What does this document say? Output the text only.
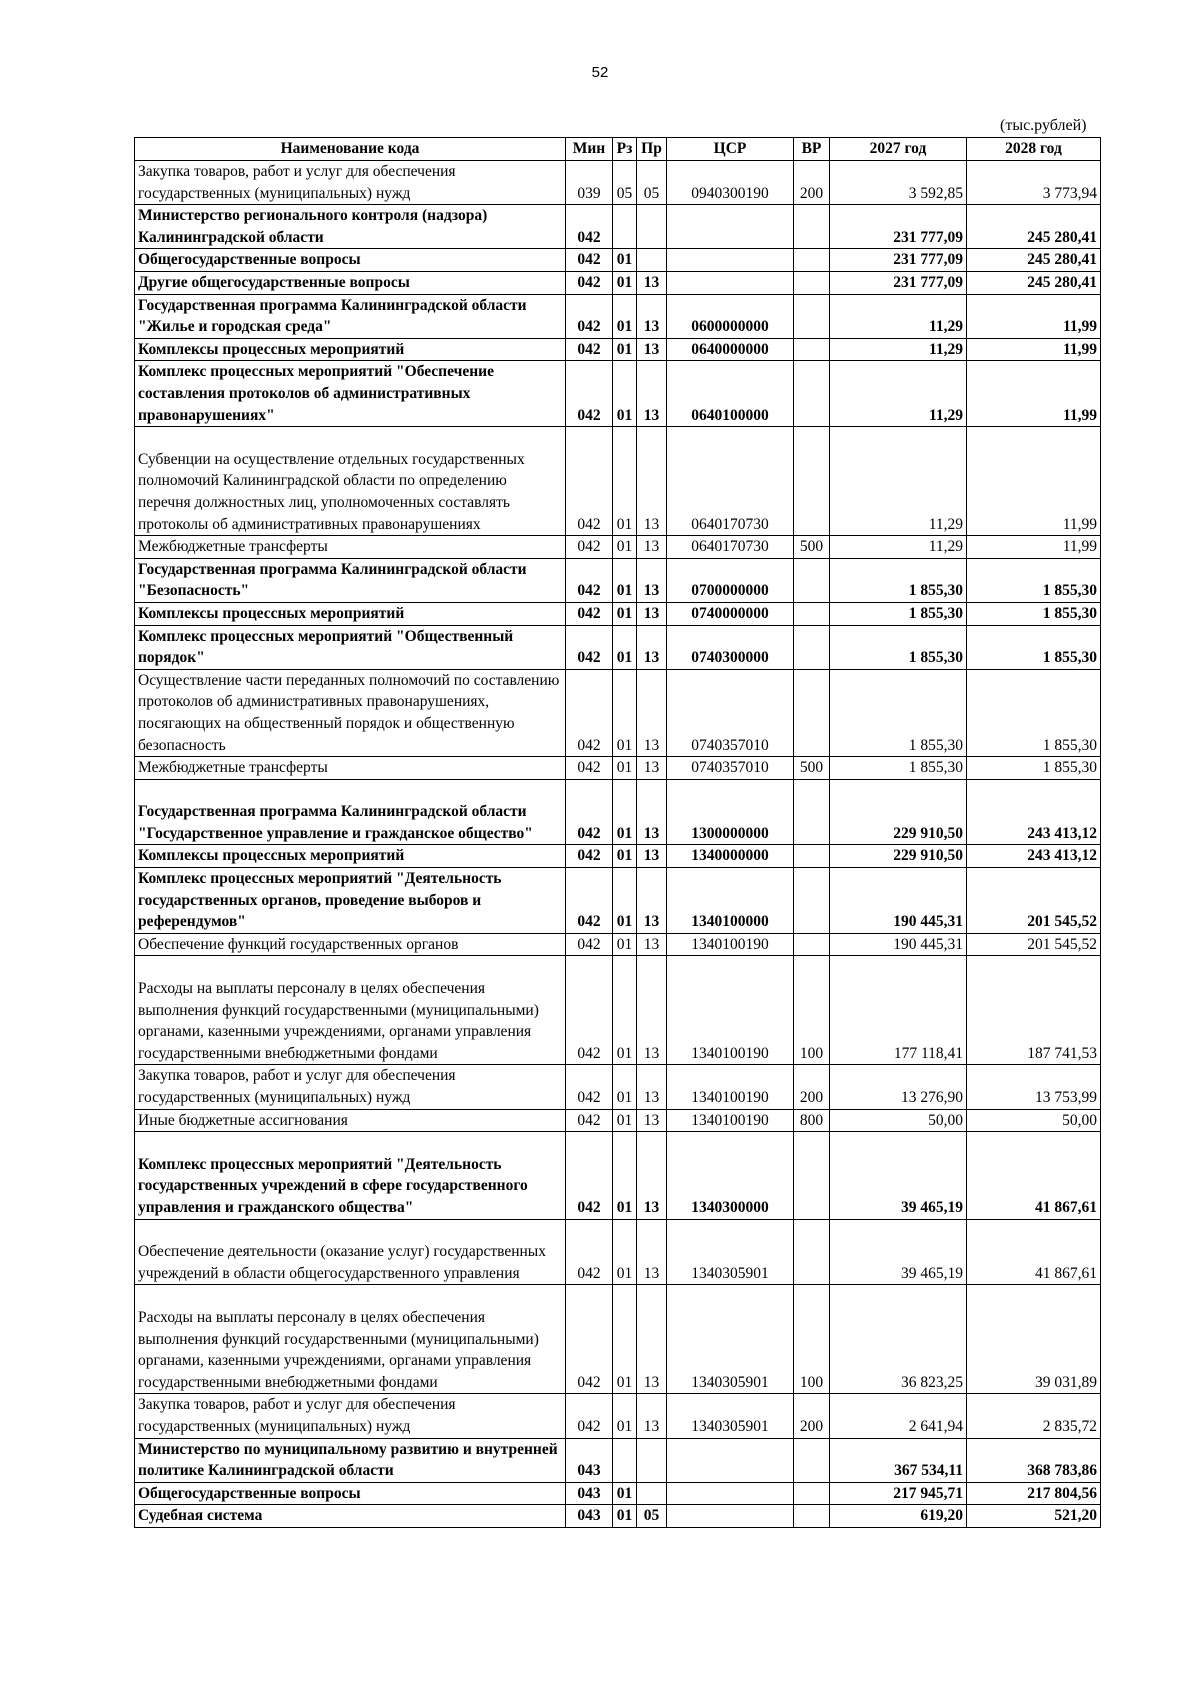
52
(тыс.рублей)
Наименование кода	Мин	Рз	Пр	ЦСР	ВР	2027 год	2028 год
Закупка товаров, работ и услуг для обеспечения государственных (муниципальных) нужд	039	05	05	0940300190	200	3 592,85	3 773,94
Министерство регионального контроля (надзора) Калининградской области	042					231 777,09	245 280,41
Общегосударственные вопросы	042	01				231 777,09	245 280,41
Другие общегосударственные вопросы	042	01	13			231 777,09	245 280,41
Государственная программа Калининградской области "Жилье и городская среда"	042	01	13	0600000000		11,29	11,99
Комплексы процессных мероприятий	042	01	13	0640000000		11,29	11,99
Комплекс процессных мероприятий "Обеспечение составления протоколов об административных правонарушениях"	042	01	13	0640100000		11,29	11,99
Субвенции на осуществление отдельных государственных полномочий Калининградской области по определению перечня должностных лиц, уполномоченных составлять протоколы об административных правонарушениях	042	01	13	0640170730		11,29	11,99
Межбюджетные трансферты	042	01	13	0640170730	500	11,29	11,99
Государственная программа Калининградской области "Безопасность"	042	01	13	0700000000		1 855,30	1 855,30
Комплексы процессных мероприятий	042	01	13	0740000000		1 855,30	1 855,30
Комплекс процессных мероприятий "Общественный порядок"	042	01	13	0740300000		1 855,30	1 855,30
Осуществление части переданных полномочий по составлению протоколов об административных правонарушениях, посягающих на общественный порядок и общественную безопасность	042	01	13	0740357010		1 855,30	1 855,30
Межбюджетные трансферты	042	01	13	0740357010	500	1 855,30	1 855,30
Государственная программа Калининградской области "Государственное управление и гражданское общество"	042	01	13	1300000000		229 910,50	243 413,12
Комплексы процессных мероприятий	042	01	13	1340000000		229 910,50	243 413,12
Комплекс процессных мероприятий "Деятельность государственных органов, проведение выборов и референдумов"	042	01	13	1340100000		190 445,31	201 545,52
Обеспечение функций государственных органов	042	01	13	1340100190		190 445,31	201 545,52
Расходы на выплаты персоналу в целях обеспечения выполнения функций государственными (муниципальными) органами, казенными учреждениями, органами управления государственными внебюджетными фондами	042	01	13	1340100190	100	177 118,41	187 741,53
Закупка товаров, работ и услуг для обеспечения государственных (муниципальных) нужд	042	01	13	1340100190	200	13 276,90	13 753,99
Иные бюджетные ассигнования	042	01	13	1340100190	800	50,00	50,00
Комплекс процессных мероприятий "Деятельность государственных учреждений в сфере государственного управления и гражданского общества"	042	01	13	1340300000		39 465,19	41 867,61
Обеспечение деятельности (оказание услуг) государственных учреждений в области общегосударственного управления	042	01	13	1340305901		39 465,19	41 867,61
Расходы на выплаты персоналу в целях обеспечения выполнения функций государственными (муниципальными) органами, казенными учреждениями, органами управления государственными внебюджетными фондами	042	01	13	1340305901	100	36 823,25	39 031,89
Закупка товаров, работ и услуг для обеспечения государственных (муниципальных) нужд	042	01	13	1340305901	200	2 641,94	2 835,72
Министерство по муниципальному развитию и внутренней политике Калининградской области	043					367 534,11	368 783,86
Общегосударственные вопросы	043	01				217 945,71	217 804,56
Судебная система	043	01	05			619,20	521,20
